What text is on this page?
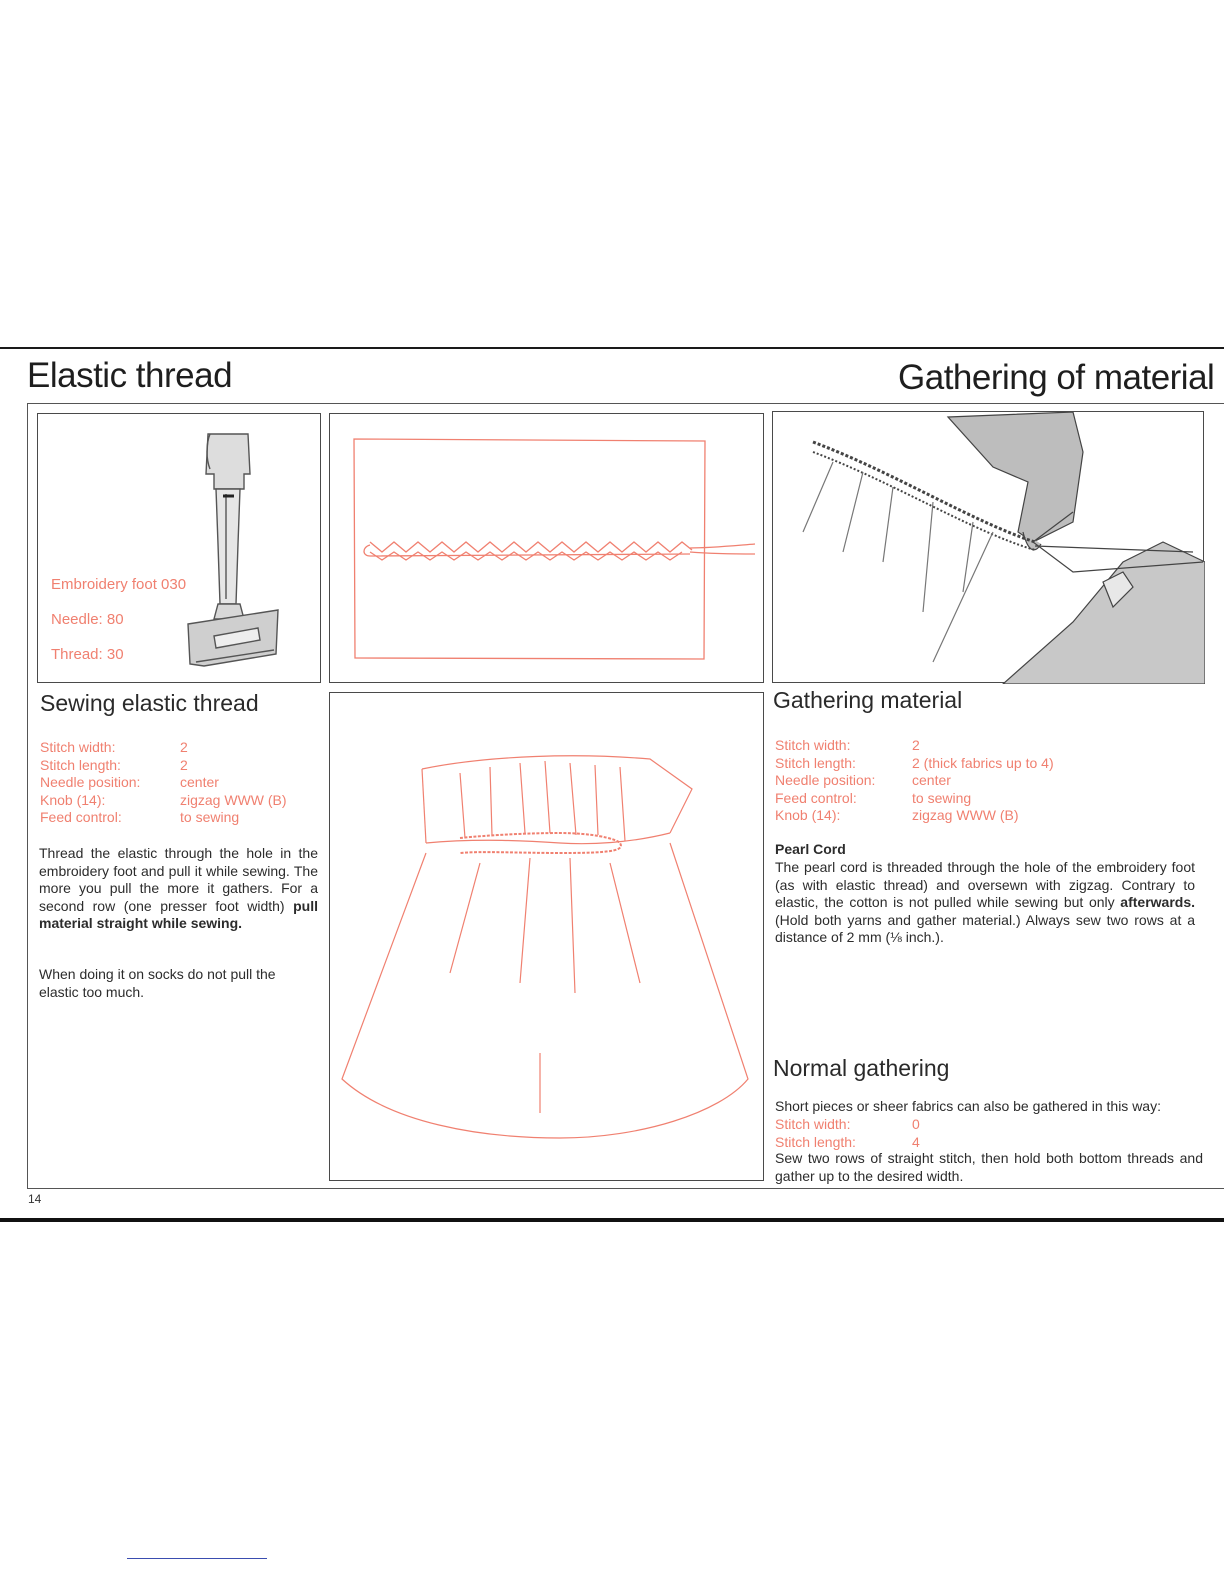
Elastic thread	Gathering of material
Embroidery foot 030
Needle: 80
Thread: 30
Sewing elastic thread
Stitch width:	2
Stitch length:	2
Needle position:	center
Knob (14):	zigzag WWW (B)
Feed control:	to sewing
Thread the elastic through the hole in the embroidery foot and pull it while sewing. The more you pull the more it gathers. For a second row (one presser foot width) pull material straight while sewing.
When doing it on socks do not pull the elastic too much.
Gathering material
Stitch width:	2
Stitch length:	2 (thick fabrics up to 4)
Needle position:	center
Feed control:	to sewing
Knob (14):	zigzag WWW (B)
Pearl Cord
The pearl cord is threaded through the hole of the embroidery foot (as with elastic thread) and oversewn with zigzag. Contrary to elastic, the cotton is not pulled while sewing but only afterwards. (Hold both yarns and gather material.) Always sew two rows at a distance of 2 mm (⅛ inch.).
Normal gathering
Short pieces or sheer fabrics can also be gathered in this way:
Stitch width:	0
Stitch length:	4
Sew two rows of straight stitch, then hold both bottom threads and gather up to the desired width.
14
